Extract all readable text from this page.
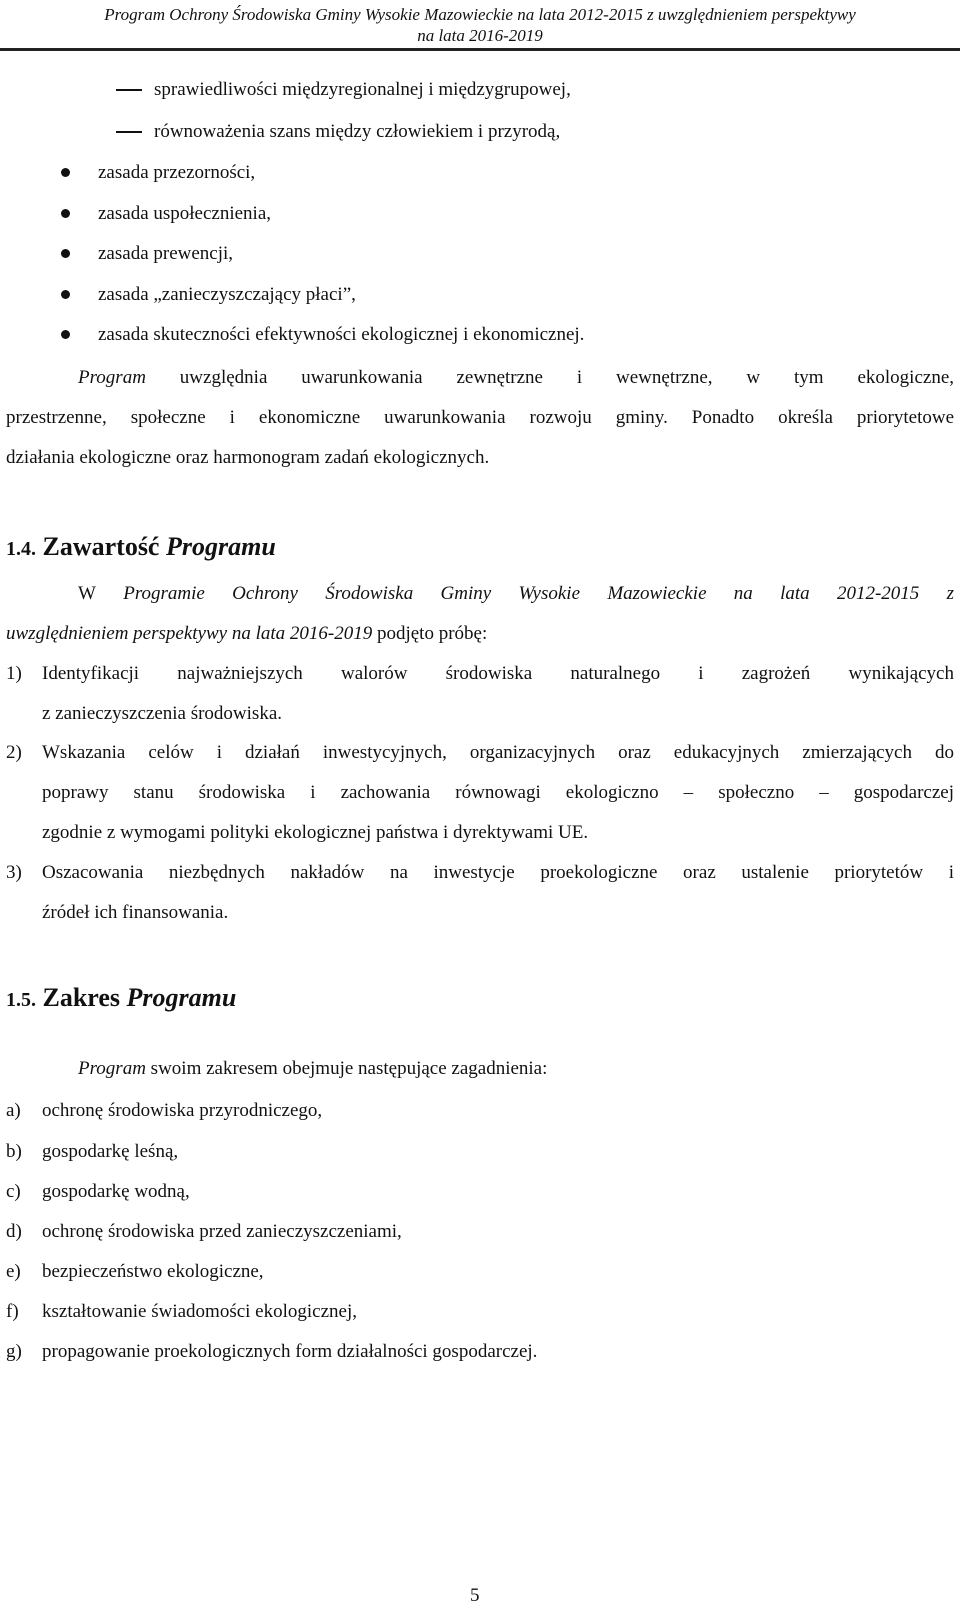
Program Ochrony Środowiska Gminy Wysokie Mazowieckie na lata 2012-2015 z uwzględnieniem perspektywy
na lata 2016-2019
sprawiedliwości międzyregionalnej i międzygrupowej,
równoważenia szans między człowiekiem i przyrodą,
zasada przezorności,
zasada uspołecznienia,
zasada prewencji,
zasada „zanieczyszczający płaci”,
zasada skuteczności efektywności ekologicznej i ekonomicznej.
Program uwzględnia uwarunkowania zewnętrzne i wewnętrzne, w tym ekologiczne,
przestrzenne, społeczne i ekonomiczne uwarunkowania rozwoju gminy. Ponadto określa priorytetowe
działania ekologiczne oraz harmonogram zadań ekologicznych.
1.4. Zawartość Programu
W Programie Ochrony Środowiska Gminy Wysokie Mazowieckie na lata 2012-2015 z
uwzględnieniem perspektywy na lata 2016-2019 podjęto próbę:
1) Identyfikacji najważniejszych walorów środowiska naturalnego i zagrożeń wynikających
z zanieczyszczenia środowiska.
2) Wskazania celów i działań inwestycyjnych, organizacyjnych oraz edukacyjnych zmierzających do
poprawy stanu środowiska i zachowania równowagi ekologiczno – społeczno – gospodarczej
zgodnie z wymogami polityki ekologicznej państwa i dyrektywami UE.
3) Oszacowania niezbędnych nakładów na inwestycje proekologiczne oraz ustalenie priorytetów i
źródeł ich finansowania.
1.5. Zakres Programu
Program swoim zakresem obejmuje następujące zagadnienia:
a) ochronę środowiska przyrodniczego,
b) gospodarkę leśną,
c) gospodarkę wodną,
d) ochronę środowiska przed zanieczyszczeniami,
e) bezpieczeństwo ekologiczne,
f) kształtowanie świadomości ekologicznej,
g) propagowanie proekologicznych form działalności gospodarczej.
5
